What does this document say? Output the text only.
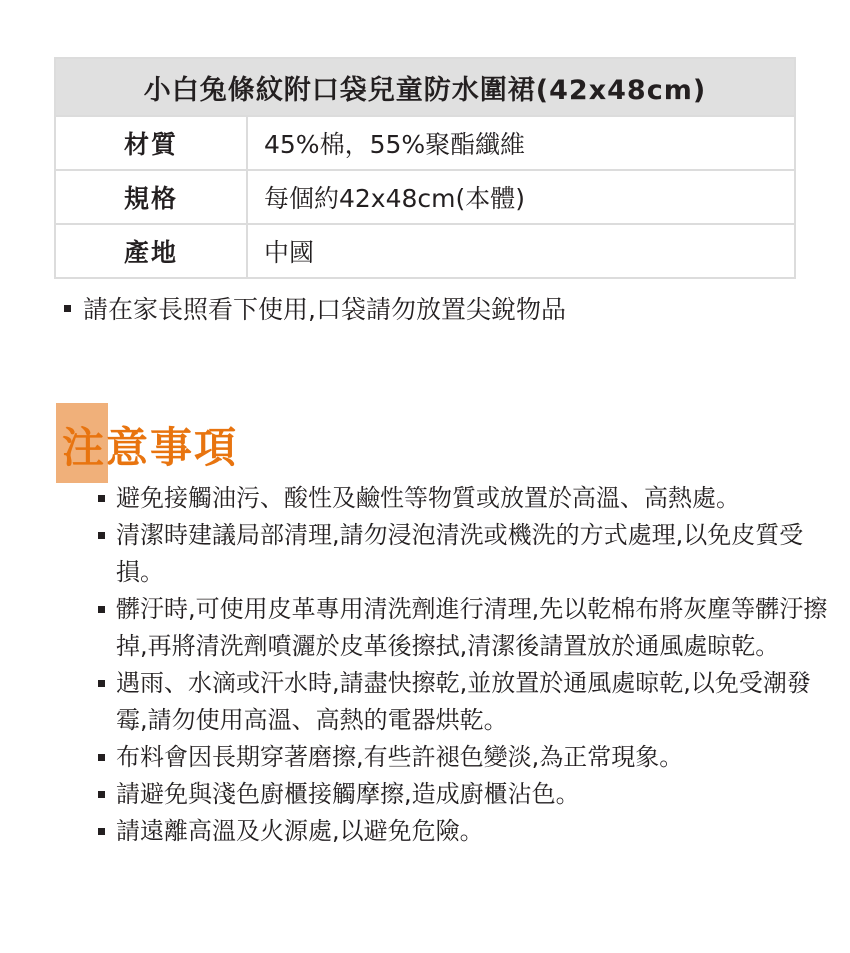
小白兔條紋附口袋兒童防水圍裙(42x48cm)
材質	45%棉，55%聚酯纖維
規格	每個約42x48cm(本體)
產地	中國
請在家長照看下使用,口袋請勿放置尖銳物品
注意事項
避免接觸油污、酸性及鹼性等物質或放置於高溫、高熱處。
清潔時建議局部清理,請勿浸泡清洗或機洗的方式處理,以免皮質受損。
髒汙時,可使用皮革專用清洗劑進行清理,先以乾棉布將灰塵等髒汙擦掉,再將清洗劑噴灑於皮革後擦拭,清潔後請置放於通風處晾乾。
遇雨、水滴或汗水時,請盡快擦乾,並放置於通風處晾乾,以免受潮發霉,請勿使用高溫、高熱的電器烘乾。
布料會因長期穿著磨擦,有些許褪色變淡,為正常現象。
請避免與淺色廚櫃接觸摩擦,造成廚櫃沾色。
請遠離高溫及火源處,以避免危險。
